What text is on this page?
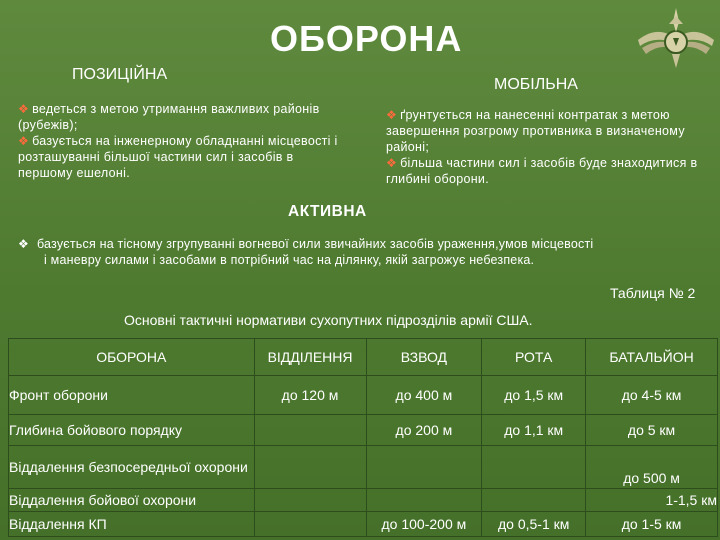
ОБОРОНА
ПОЗИЦІЙНА
МОБІЛЬНА
❖ ведеться з метою утримання важливих районів (рубежів);
❖ базується на інженерному обладнанні місцевості і розташуванні більшої частини сил і засобів в першому ешелоні.
❖ ґрунтується на нанесенні контратак з метою завершення розгрому противника в визначеному районі;
❖ більша частини сил і засобів буде знаходитися в глибині оборони.
АКТИВНА
❖ базується на тісному згрупуванні вогневої сили звичайних засобів ураження,умов місцевості
і маневру силами і засобами в потрібний час на ділянку, якій загрожує небезпека.
Таблиця № 2
Основні тактичні нормативи сухопутних підрозділів армії США.
ОБОРОНА	ВІДДІЛЕННЯ	ВЗВОД	РОТА	БАТАЛЬЙОН
Фронт оборони	до 120 м	до 400 м	до 1,5 км	до 4-5 км
Глибина бойового порядку		до 200 м	до 1,1 км	до 5 км
Віддалення безпосередньої охорони				до 500 м
Віддалення бойової охорони				1-1,5 км
Віддалення КП		до 100-200 м	до 0,5-1 км	до 1-5 км
